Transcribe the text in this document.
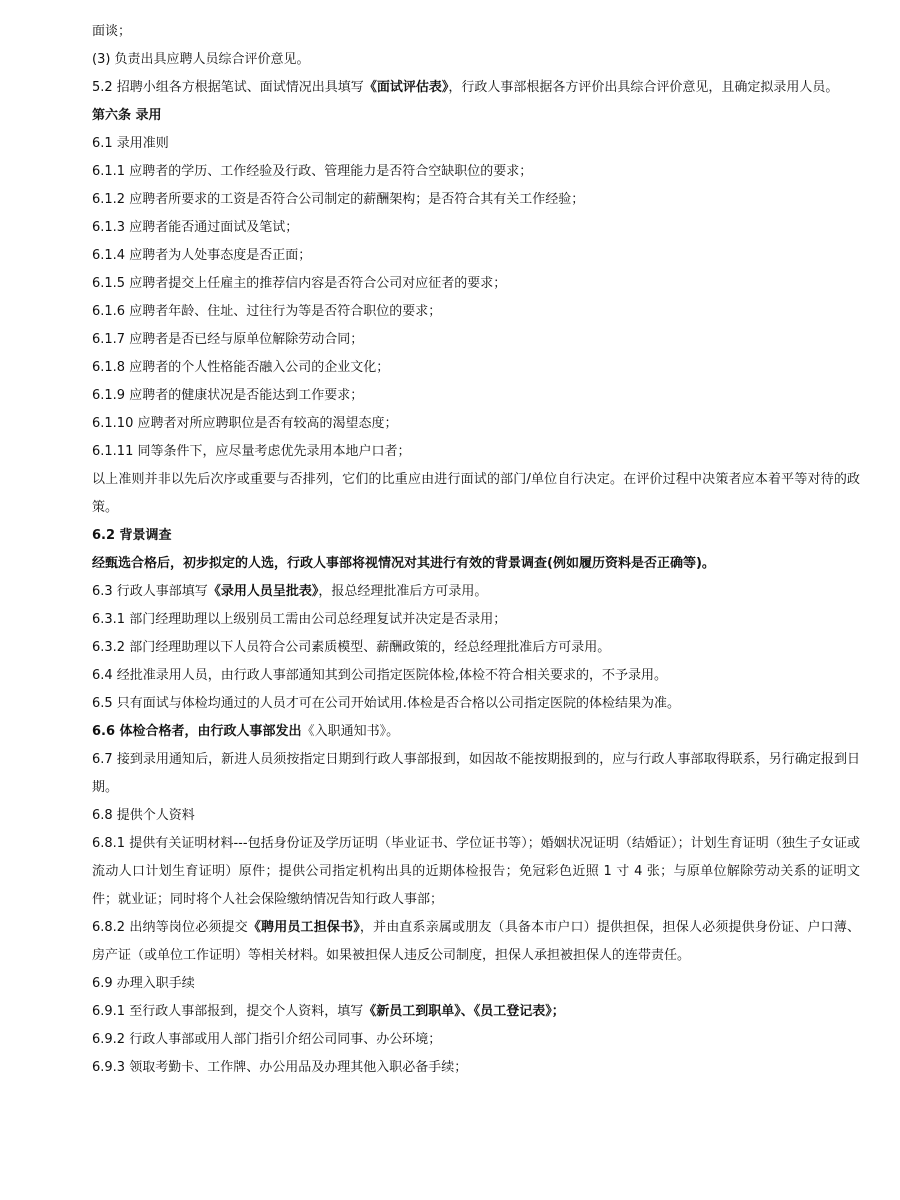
面谈；
(3) 负责出具应聘人员综合评价意见。
5.2 招聘小组各方根据笔试、面试情况出具填写《面试评估表》，行政人事部根据各方评价出具综合评价意见，且确定拟录用人员。
第六条 录用
6.1 录用准则
6.1.1 应聘者的学历、工作经验及行政、管理能力是否符合空缺职位的要求；
6.1.2 应聘者所要求的工资是否符合公司制定的薪酬架构；是否符合其有关工作经验；
6.1.3 应聘者能否通过面试及笔试；
6.1.4 应聘者为人处事态度是否正面；
6.1.5 应聘者提交上任雇主的推荐信内容是否符合公司对应征者的要求；
6.1.6 应聘者年龄、住址、过往行为等是否符合职位的要求；
6.1.7 应聘者是否已经与原单位解除劳动合同；
6.1.8 应聘者的个人性格能否融入公司的企业文化；
6.1.9 应聘者的健康状况是否能达到工作要求；
6.1.10 应聘者对所应聘职位是否有较高的渴望态度；
6.1.11 同等条件下，应尽量考虑优先录用本地户口者；
以上准则并非以先后次序或重要与否排列，它们的比重应由进行面试的部门/单位自行决定。在评价过程中决策者应本着平等对待的政策。
6.2 背景调查
经甄选合格后，初步拟定的人选，行政人事部将视情况对其进行有效的背景调查(例如履历资料是否正确等)。
6.3 行政人事部填写《录用人员呈批表》，报总经理批准后方可录用。
6.3.1 部门经理助理以上级别员工需由公司总经理复试并决定是否录用；
6.3.2 部门经理助理以下人员符合公司素质模型、薪酬政策的，经总经理批准后方可录用。
6.4 经批准录用人员，由行政人事部通知其到公司指定医院体检,体检不符合相关要求的，不予录用。
6.5 只有面试与体检均通过的人员才可在公司开始试用.体检是否合格以公司指定医院的体检结果为准。
6.6 体检合格者，由行政人事部发出《入职通知书》。
6.7 接到录用通知后，新进人员须按指定日期到行政人事部报到，如因故不能按期报到的，应与行政人事部取得联系，另行确定报到日期。
6.8 提供个人资料
6.8.1 提供有关证明材料---包括身份证及学历证明（毕业证书、学位证书等）；婚姻状况证明（结婚证）；计划生育证明（独生子女证或流动人口计划生育证明）原件；提供公司指定机构出具的近期体检报告；免冠彩色近照 1 寸 4 张；与原单位解除劳动关系的证明文件；就业证；同时将个人社会保险缴纳情况告知行政人事部；
6.8.2 出纳等岗位必须提交《聘用员工担保书》，并由直系亲属或朋友（具备本市户口）提供担保，担保人必须提供身份证、户口薄、房产证（或单位工作证明）等相关材料。如果被担保人违反公司制度，担保人承担被担保人的连带责任。
6.9 办理入职手续
6.9.1 至行政人事部报到，提交个人资料，填写《新员工到职单》、《员工登记表》；
6.9.2 行政人事部或用人部门指引介绍公司同事、办公环境；
6.9.3 领取考勤卡、工作牌、办公用品及办理其他入职必备手续；
